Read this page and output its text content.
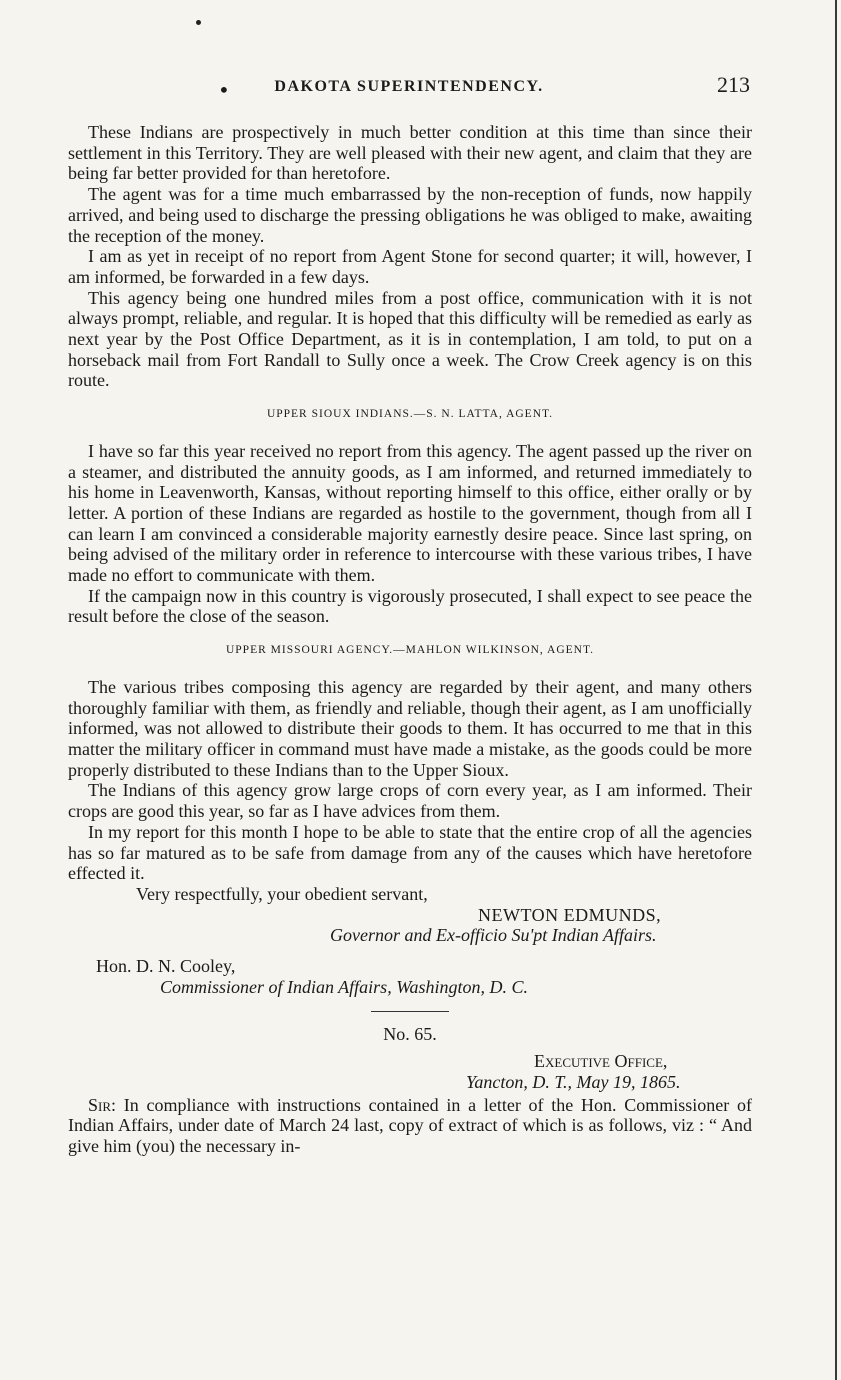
•	DAKOTA SUPERINTENDENCY.	213

These Indians are prospectively in much better condition at this time than since their settlement in this Territory. They are well pleased with their new agent, and claim that they are being far better provided for than heretofore.

The agent was for a time much embarrassed by the non-reception of funds, now happily arrived, and being used to discharge the pressing obligations he was obliged to make, awaiting the reception of the money.

I am as yet in receipt of no report from Agent Stone for second quarter; it will, however, I am informed, be forwarded in a few days.

This agency being one hundred miles from a post office, communication with it is not always prompt, reliable, and regular. It is hoped that this difficulty will be remedied as early as next year by the Post Office Department, as it is in contemplation, I am told, to put on a horseback mail from Fort Randall to Sully once a week. The Crow Creek agency is on this route.

UPPER SIOUX INDIANS.—S. N. LATTA, AGENT.

I have so far this year received no report from this agency. The agent passed up the river on a steamer, and distributed the annuity goods, as I am informed, and returned immediately to his home in Leavenworth, Kansas, without reporting himself to this office, either orally or by letter. A portion of these Indians are regarded as hostile to the government, though from all I can learn I am convinced a considerable majority earnestly desire peace. Since last spring, on being advised of the military order in reference to intercourse with these various tribes, I have made no effort to communicate with them.

If the campaign now in this country is vigorously prosecuted, I shall expect to see peace the result before the close of the season.

UPPER MISSOURI AGENCY.—MAHLON WILKINSON, AGENT.

The various tribes composing this agency are regarded by their agent, and many others thoroughly familiar with them, as friendly and reliable, though their agent, as I am unofficially informed, was not allowed to distribute their goods to them. It has occurred to me that in this matter the military officer in command must have made a mistake, as the goods could be more properly distributed to these Indians than to the Upper Sioux.

The Indians of this agency grow large crops of corn every year, as I am informed. Their crops are good this year, so far as I have advices from them.

In my report for this month I hope to be able to state that the entire crop of all the agencies has so far matured as to be safe from damage from any of the causes which have heretofore effected it.

Very respectfully, your obedient servant,

NEWTON EDMUNDS,

Governor and Ex-officio Su'pt Indian Affairs.

Hon. D. N. Cooley,

Commissioner of Indian Affairs, Washington, D. C.

No. 65.

Executive Office,

Yancton, D. T., May 19, 1865.

Sir: In compliance with instructions contained in a letter of the Hon. Commissioner of Indian Affairs, under date of March 24 last, copy of extract of which is as follows, viz : “ And give him (you) the necessary in-
